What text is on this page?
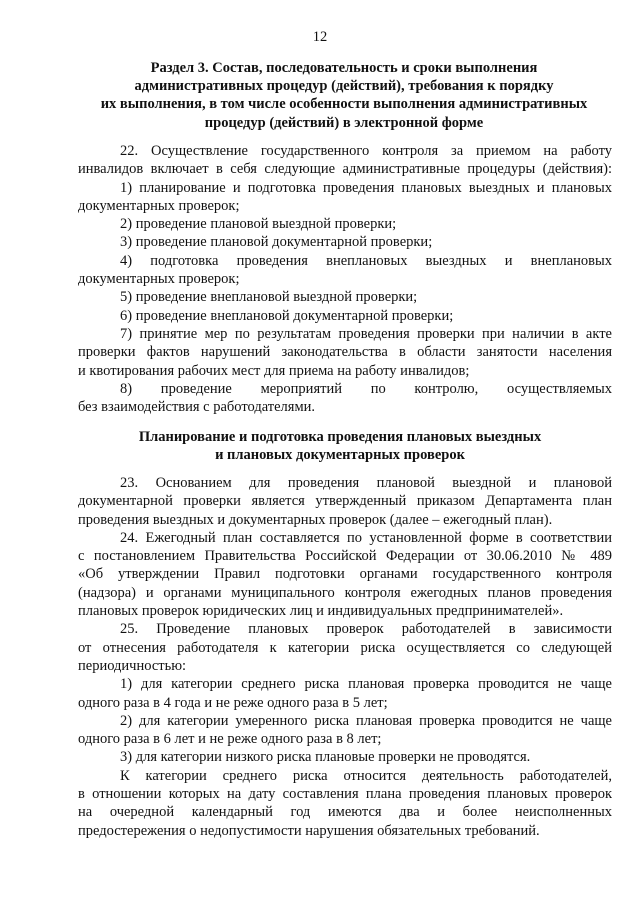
12
Раздел 3. Состав, последовательность и сроки выполнения
административных процедур (действий), требования к порядку
их выполнения, в том числе особенности выполнения административных
процедур (действий) в электронной форме
22. Осуществление государственного контроля за приемом на работу
инвалидов включает в себя следующие административные процедуры (действия):
1) планирование и подготовка проведения плановых выездных и плановых
документарных проверок;
2) проведение плановой выездной проверки;
3) проведение плановой документарной проверки;
4) подготовка проведения внеплановых выездных и внеплановых
документарных проверок;
5) проведение внеплановой выездной проверки;
6) проведение внеплановой документарной проверки;
7) принятие мер по результатам проведения проверки при наличии в акте
проверки фактов нарушений законодательства в области занятости населения
и квотирования рабочих мест для приема на работу инвалидов;
8) проведение мероприятий по контролю, осуществляемых
без взаимодействия с работодателями.
Планирование и подготовка проведения плановых выездных
и плановых документарных проверок
23. Основанием для проведения плановой выездной и плановой
документарной проверки является утвержденный приказом Департамента план
проведения выездных и документарных проверок (далее – ежегодный план).
24. Ежегодный план составляется по установленной форме в соответствии
с постановлением Правительства Российской Федерации от 30.06.2010 № 489
«Об утверждении Правил подготовки органами государственного контроля
(надзора) и органами муниципального контроля ежегодных планов проведения
плановых проверок юридических лиц и индивидуальных предпринимателей».
25. Проведение плановых проверок работодателей в зависимости
от отнесения работодателя к категории риска осуществляется со следующей
периодичностью:
1) для категории среднего риска плановая проверка проводится не чаще
одного раза в 4 года и не реже одного раза в 5 лет;
2) для категории умеренного риска плановая проверка проводится не чаще
одного раза в 6 лет и не реже одного раза в 8 лет;
3) для категории низкого риска плановые проверки не проводятся.
К категории среднего риска относится деятельность работодателей,
в отношении которых на дату составления плана проведения плановых проверок
на очередной календарный год имеются два и более неисполненных
предостережения о недопустимости нарушения обязательных требований.
